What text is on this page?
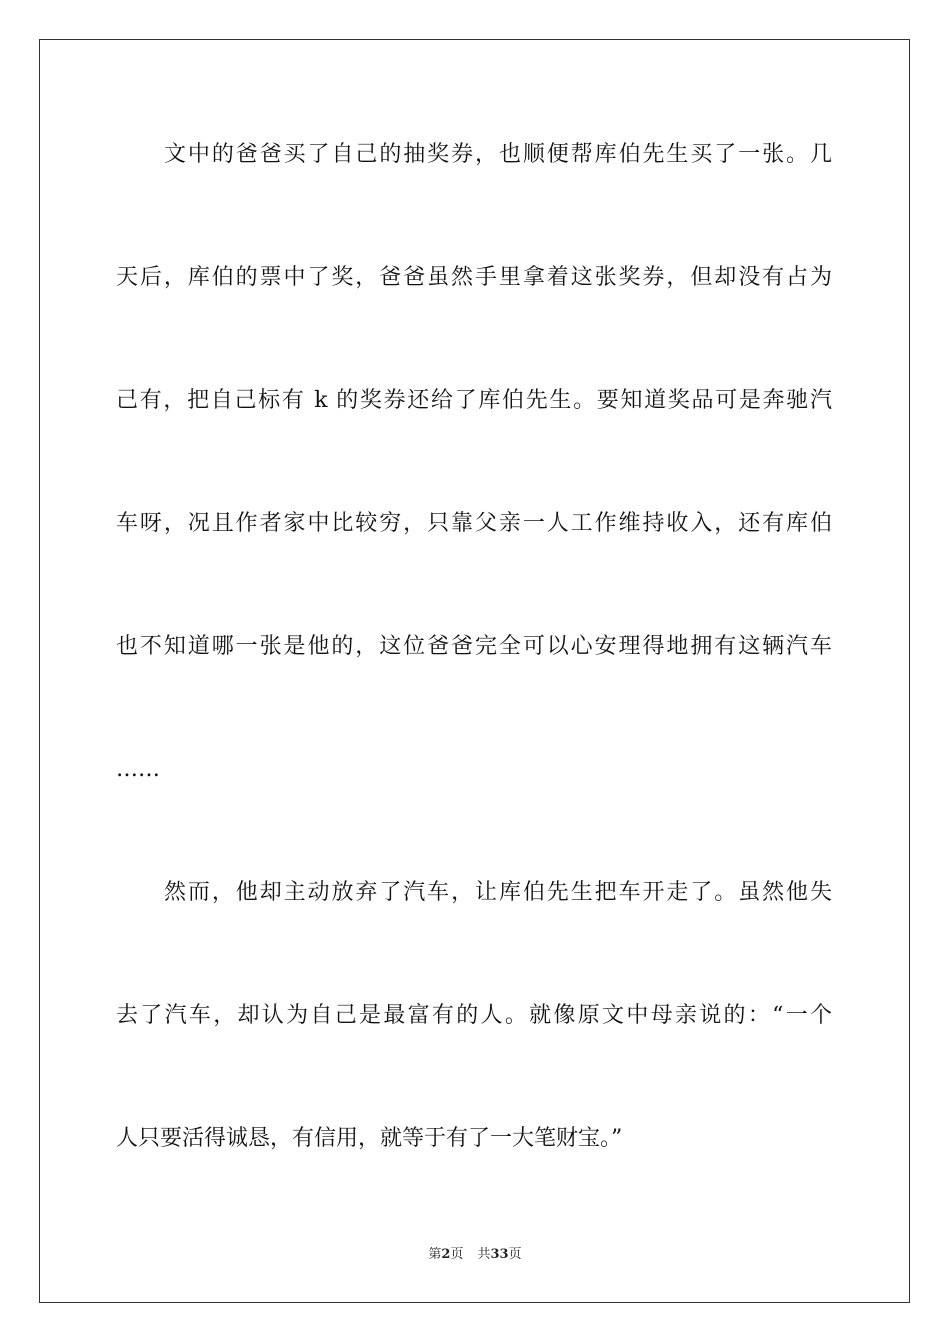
文中的爸爸买了自己的抽奖券，也顺便帮库伯先生买了一张。几
天后，库伯的票中了奖，爸爸虽然手里拿着这张奖券，但却没有占为
己有，把自己标有 k 的奖券还给了库伯先生。要知道奖品可是奔驰汽
车呀，况且作者家中比较穷，只靠父亲一人工作维持收入，还有库伯
也不知道哪一张是他的，这位爸爸完全可以心安理得地拥有这辆汽车
……
然而，他却主动放弃了汽车，让库伯先生把车开走了。虽然他失
去了汽车，却认为自己是最富有的人。就像原文中母亲说的：“一个
人只要活得诚恳，有信用，就等于有了一大笔财宝。”
第2页 共33页
